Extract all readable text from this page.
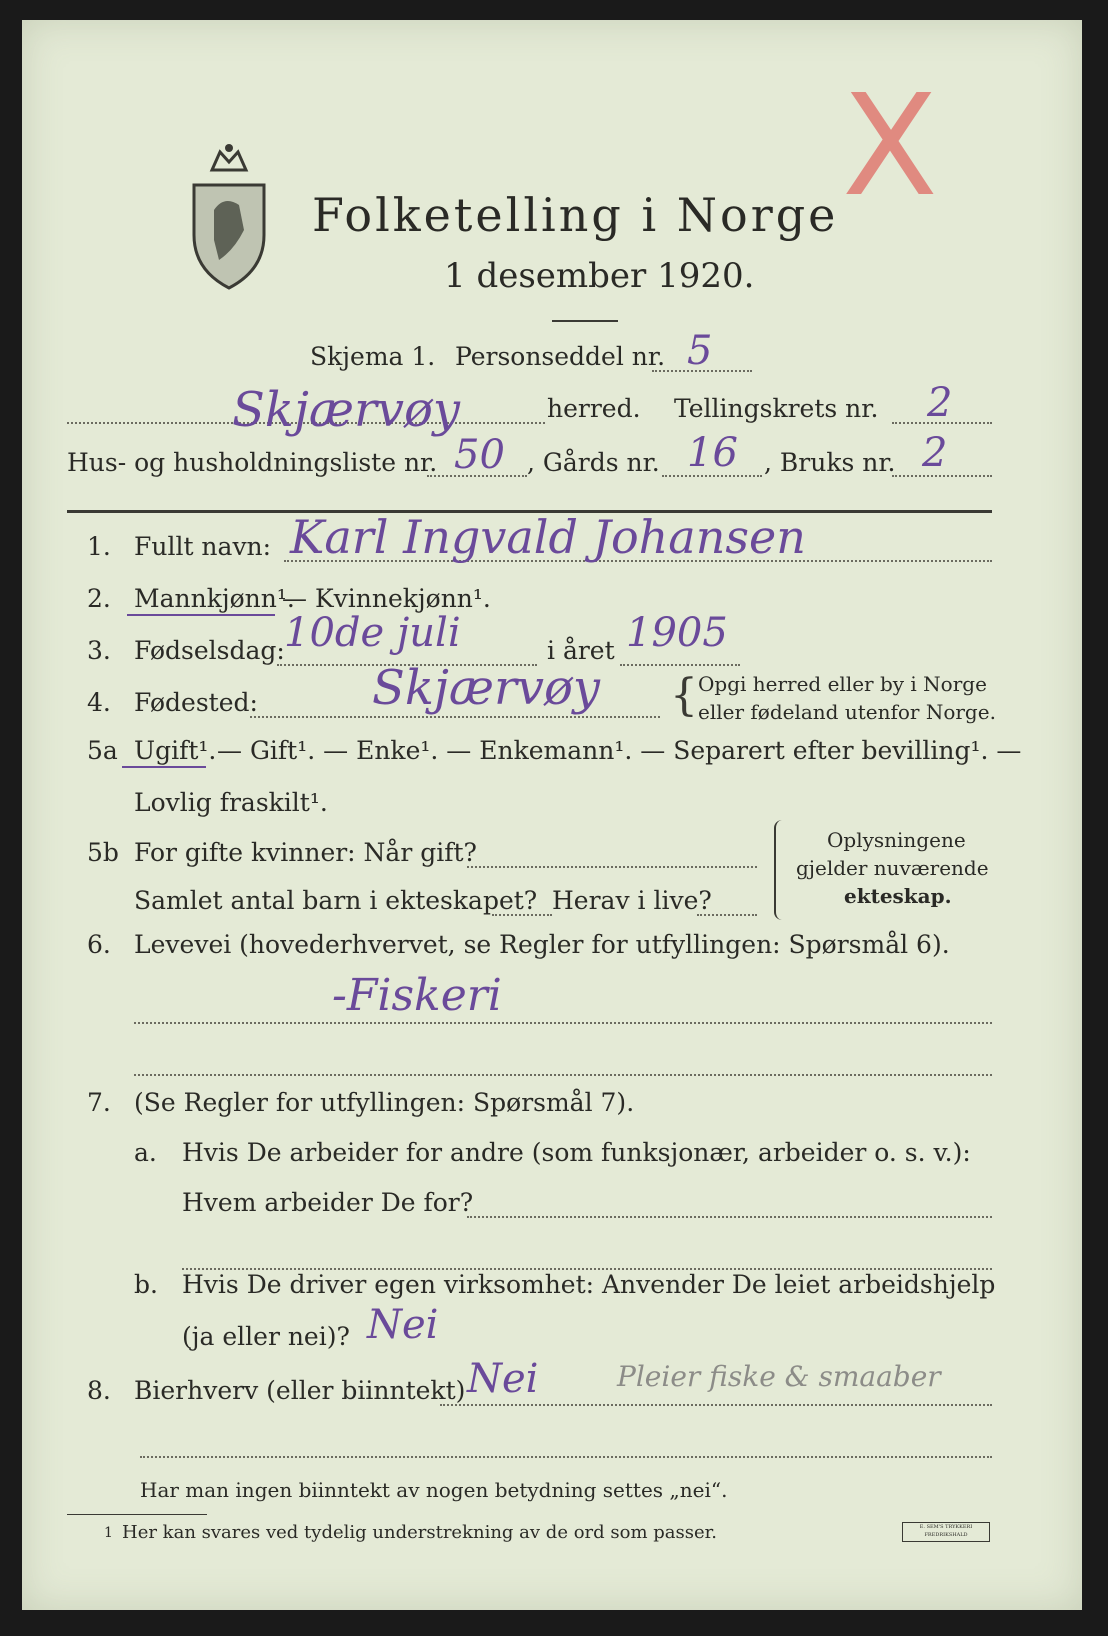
Folketelling i Norge
1 desember 1920.
X
Skjema 1. Personseddel nr. 5
Skjærvøy	herred. Tellingskrets nr. 2
Hus- og husholdningsliste nr. 50 , Gårds nr. 16 , Bruks nr. 2
1. Fullt navn: Karl Ingvald Johansen
2. Mannkjønn¹.
— Kvinnekjønn¹.
3. Fødselsdag: 10de juli	i året 1905
4. Fødested: Skjærvøy { Opgi herred eller by i Norge
eller fødeland utenfor Norge.
5a Ugift¹. — Gift¹. — Enke¹. — Enkemann¹. — Separert efter bevilling¹. —
Lovlig fraskilt¹.
5b For gifte kvinner: Når gift?
Samlet antal barn i ekteskapet? Herav i live?
Oplysningene
gjelder nuværende
ekteskap.
6. Levevei (hovederhvervet, se Regler for utfyllingen: Spørsmål 6).
-Fiskeri
7. (Se Regler for utfyllingen: Spørsmål 7).
a. Hvis De arbeider for andre (som funksjonær, arbeider o. s. v.):
Hvem arbeider De for?
b. Hvis De driver egen virksomhet: Anvender De leiet arbeidshjelp
(ja eller nei)? Nei
8. Bierhverv (eller biinntekt) Nei	Pleier fiske & smaaber
Har man ingen biinntekt av nogen betydning settes „nei“.
1 Her kan svares ved tydelig understrekning av de ord som passer.	E. SEM'S TRYKKERI FREDRIKSHALD
